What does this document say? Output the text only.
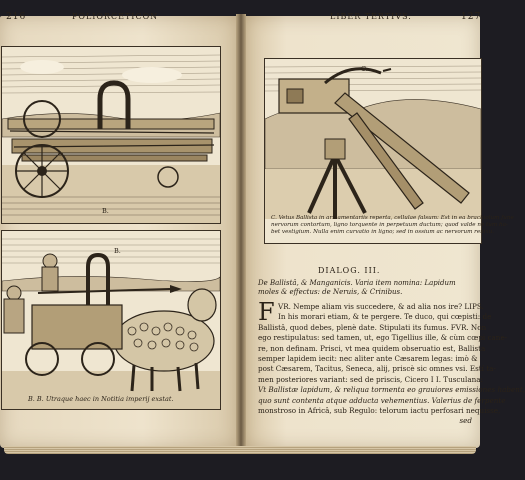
216	POLIORCETICON	LIBER TERTIVS.	127
B.
B.
B. B. Utraque haec in Notitia imperij exstat.
C.
C. Vetus Ballista in armamentariis reperta, cellulae falsum: Est in ea brachiolum fune
nervorum contortum, ligno torquente in perpetuum ductum; quod valde ne tum ha-
bet vestigium. Nulla enim curvatio in ligno; sed in ossium ac nervorum renixu.
DIALOG. III.
De Ballistâ, & Manganicis. Varia item nomina: Lapidum moles & effectus: de Neruis, & Crinibus.
F VR. Nempe aliam vis succedere, & ad alia nos ire? LIPS.
In his morari etiam, & te pergere. Te duco, qui cœpisti: de
Ballistâ, quod debes, plenè date. Stipulati its fumus. FVR. Non
ego restipulatus: sed tamen, ut, ego Tigellius ille, & cùm cœpi cane-
re, non definam. Prisci, vt mea quidem obseruatio est, Ballista
semper lapidem iecit: nec aliter ante Cæsarem legas: imò &
post Cæsarem, Tacitus, Seneca, alij, priscè sic omnes vsi. Estí ta-
men posteriores variant: sed de priscis, Cicero I I. Tusculana:
Vt Ballistæ lapidum, & reliqua tormenta eo grauiores emissiones habent,
quo sunt contenta atque adducta vehementius. Valerius de ferpente
monstroso in Africâ, sub Regulo: telorum iactu perfosari nequisse,
sed
